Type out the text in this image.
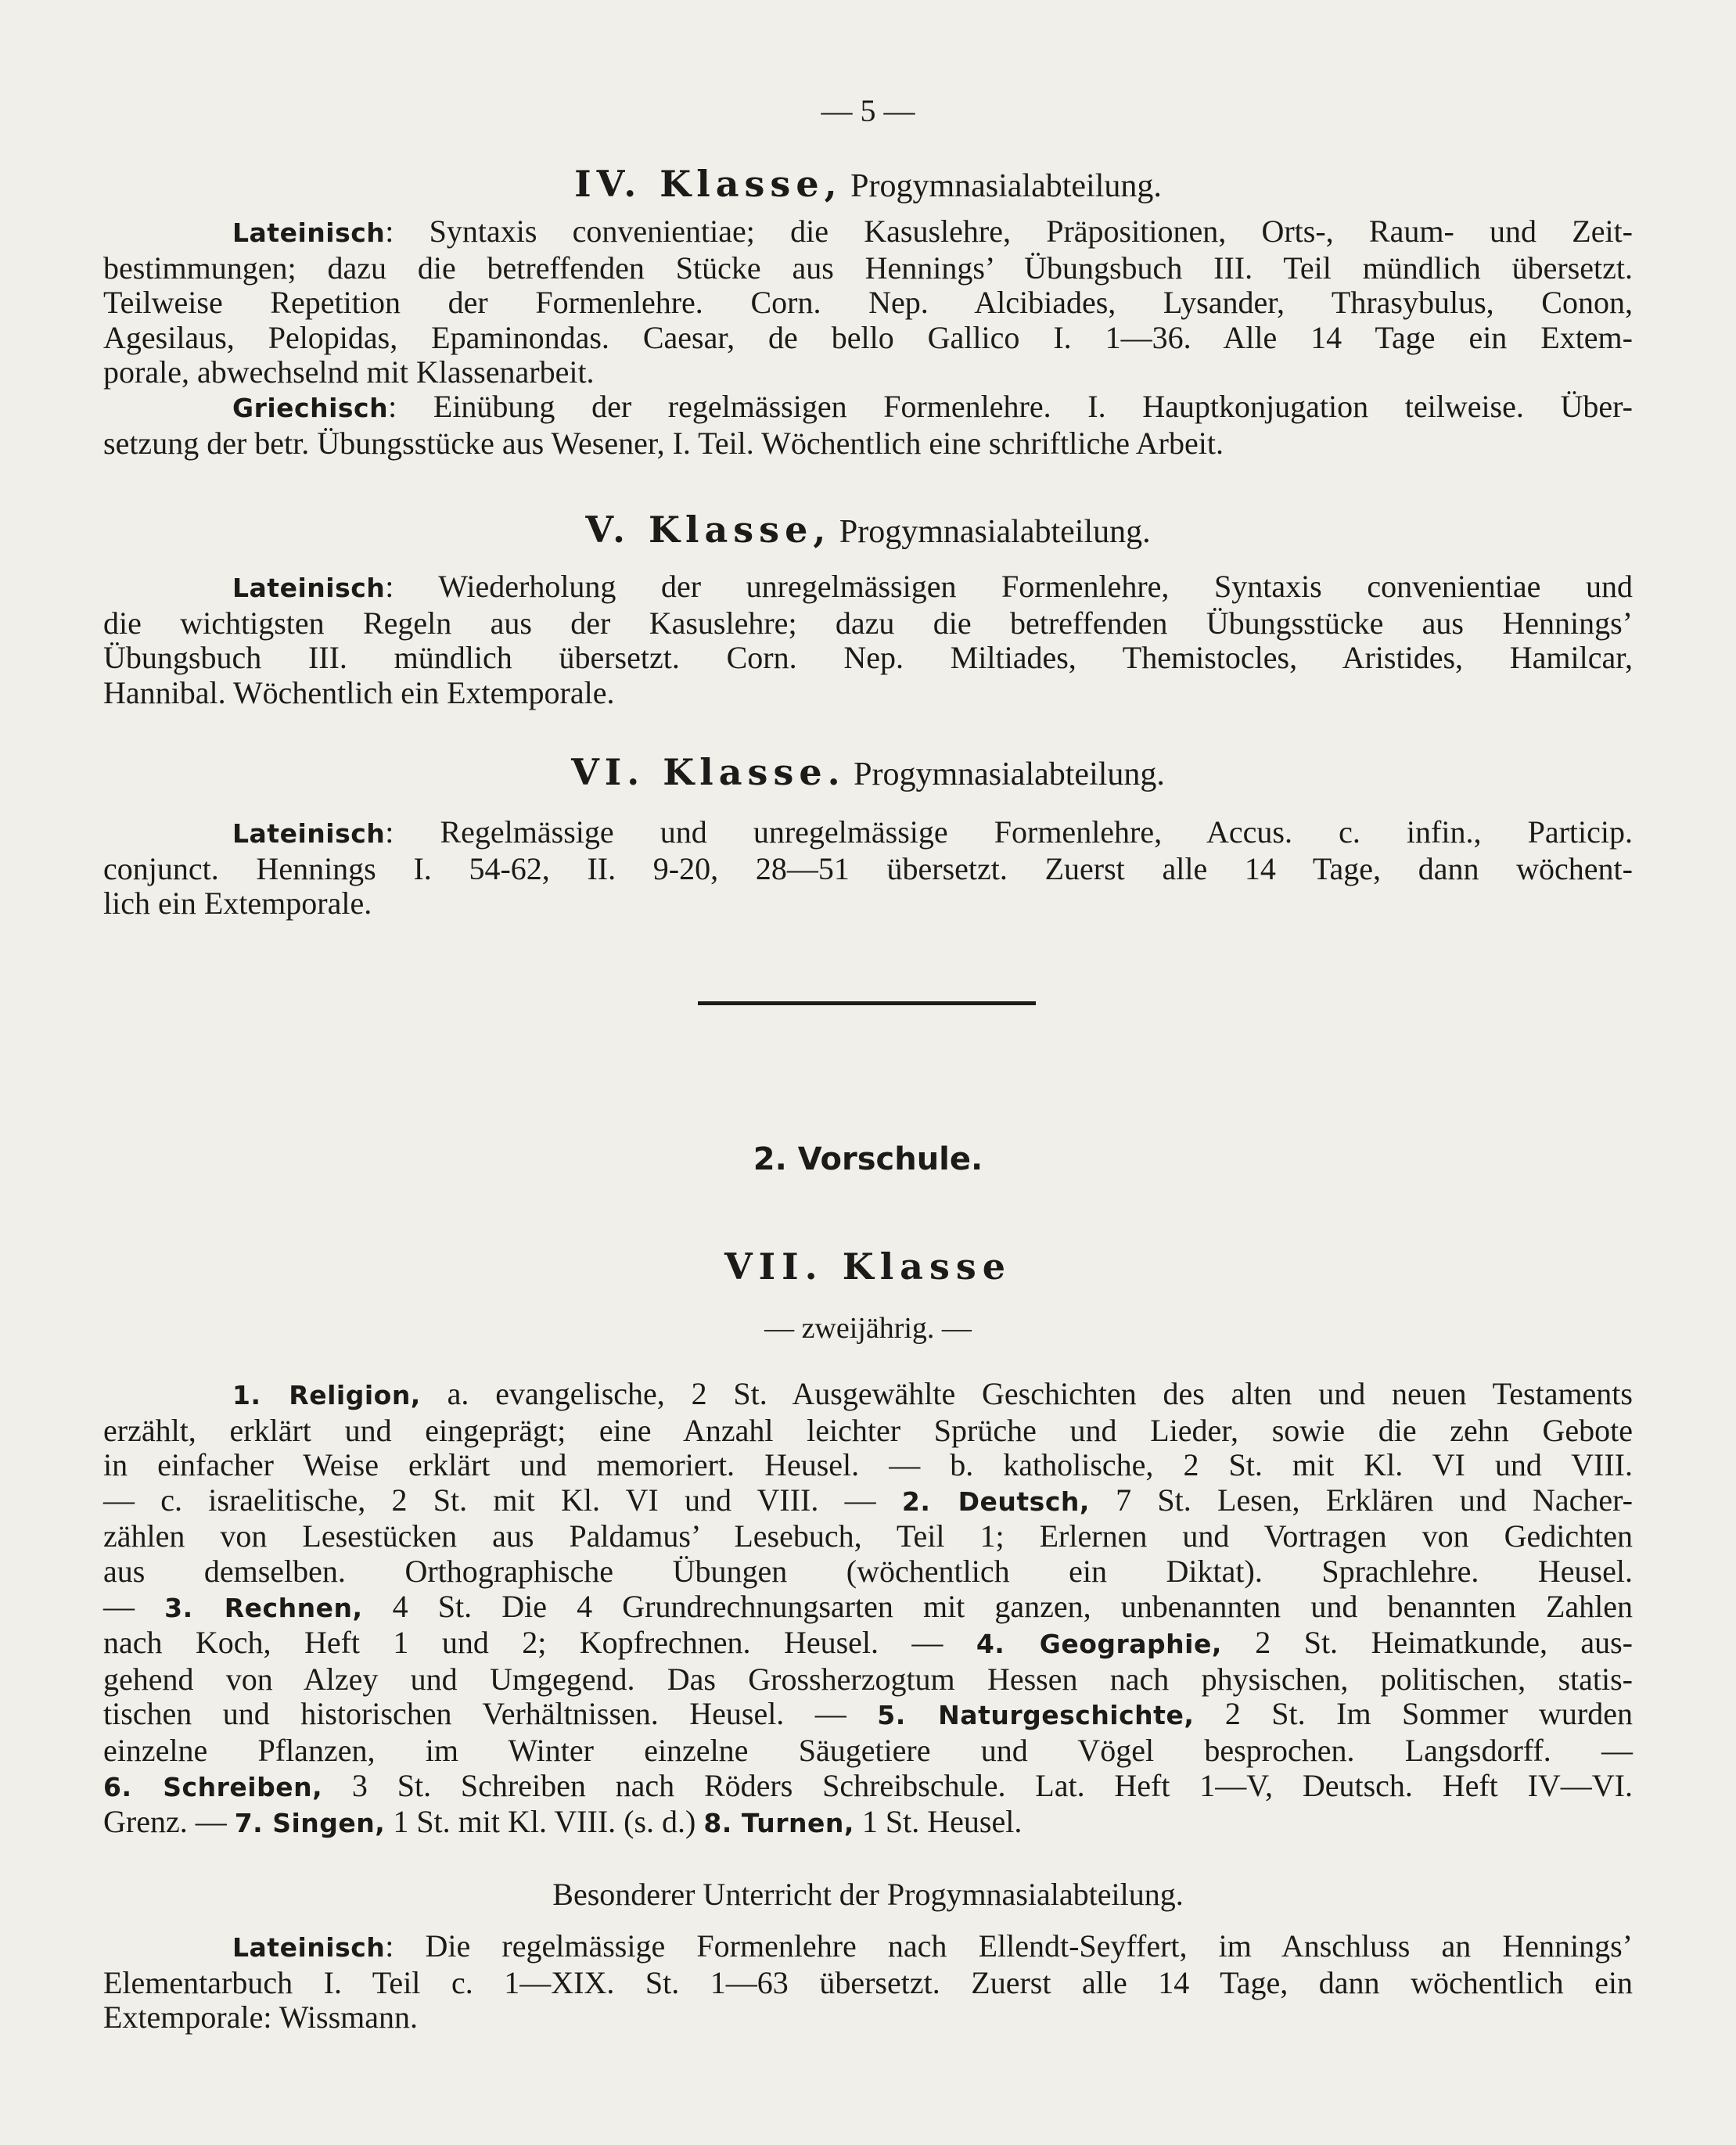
— 5 —
IV. Klasse, Progymnasialabteilung.
Lateinisch: Syntaxis convenientiae; die Kasuslehre, Präpositionen, Orts-, Raum- und Zeit-
bestimmungen; dazu die betreffenden Stücke aus Hennings’ Übungsbuch III. Teil mündlich übersetzt.
Teilweise Repetition der Formenlehre. Corn. Nep. Alcibiades, Lysander, Thrasybulus, Conon,
Agesilaus, Pelopidas, Epaminondas. Caesar, de bello Gallico I. 1—36. Alle 14 Tage ein Extem-
porale, abwechselnd mit Klassenarbeit.
Griechisch: Einübung der regelmässigen Formenlehre. I. Hauptkonjugation teilweise. Über-
setzung der betr. Übungsstücke aus Wesener, I. Teil. Wöchentlich eine schriftliche Arbeit.
V. Klasse, Progymnasialabteilung.
Lateinisch: Wiederholung der unregelmässigen Formenlehre, Syntaxis convenientiae und
die wichtigsten Regeln aus der Kasuslehre; dazu die betreffenden Übungsstücke aus Hennings’
Übungsbuch III. mündlich übersetzt. Corn. Nep. Miltiades, Themistocles, Aristides, Hamilcar,
Hannibal. Wöchentlich ein Extemporale.
VI. Klasse. Progymnasialabteilung.
Lateinisch: Regelmässige und unregelmässige Formenlehre, Accus. c. infin., Particip.
conjunct. Hennings I. 54-62, II. 9-20, 28—51 übersetzt. Zuerst alle 14 Tage, dann wöchent-
lich ein Extemporale.
2. Vorschule.
VII. Klasse
— zweijährig. —
1. Religion, a. evangelische, 2 St. Ausgewählte Geschichten des alten und neuen Testaments
erzählt, erklärt und eingeprägt; eine Anzahl leichter Sprüche und Lieder, sowie die zehn Gebote
in einfacher Weise erklärt und memoriert. Heusel. — b. katholische, 2 St. mit Kl. VI und VIII.
— c. israelitische, 2 St. mit Kl. VI und VIII. — 2. Deutsch, 7 St. Lesen, Erklären und Nacher-
zählen von Lesestücken aus Paldamus’ Lesebuch, Teil 1; Erlernen und Vortragen von Gedichten
aus demselben. Orthographische Übungen (wöchentlich ein Diktat). Sprachlehre. Heusel.
— 3. Rechnen, 4 St. Die 4 Grundrechnungsarten mit ganzen, unbenannten und benannten Zahlen
nach Koch, Heft 1 und 2; Kopfrechnen. Heusel. — 4. Geographie, 2 St. Heimatkunde, aus-
gehend von Alzey und Umgegend. Das Grossherzogtum Hessen nach physischen, politischen, statis-
tischen und historischen Verhältnissen. Heusel. — 5. Naturgeschichte, 2 St. Im Sommer wurden
einzelne Pflanzen, im Winter einzelne Säugetiere und Vögel besprochen. Langsdorff. —
6. Schreiben, 3 St. Schreiben nach Röders Schreibschule. Lat. Heft 1—V, Deutsch. Heft IV—VI.
Grenz. — 7. Singen, 1 St. mit Kl. VIII. (s. d.) 8. Turnen, 1 St. Heusel.
Besonderer Unterricht der Progymnasialabteilung.
Lateinisch: Die regelmässige Formenlehre nach Ellendt-Seyffert, im Anschluss an Hennings’
Elementarbuch I. Teil c. 1—XIX. St. 1—63 übersetzt. Zuerst alle 14 Tage, dann wöchentlich ein
Extemporale: Wissmann.
